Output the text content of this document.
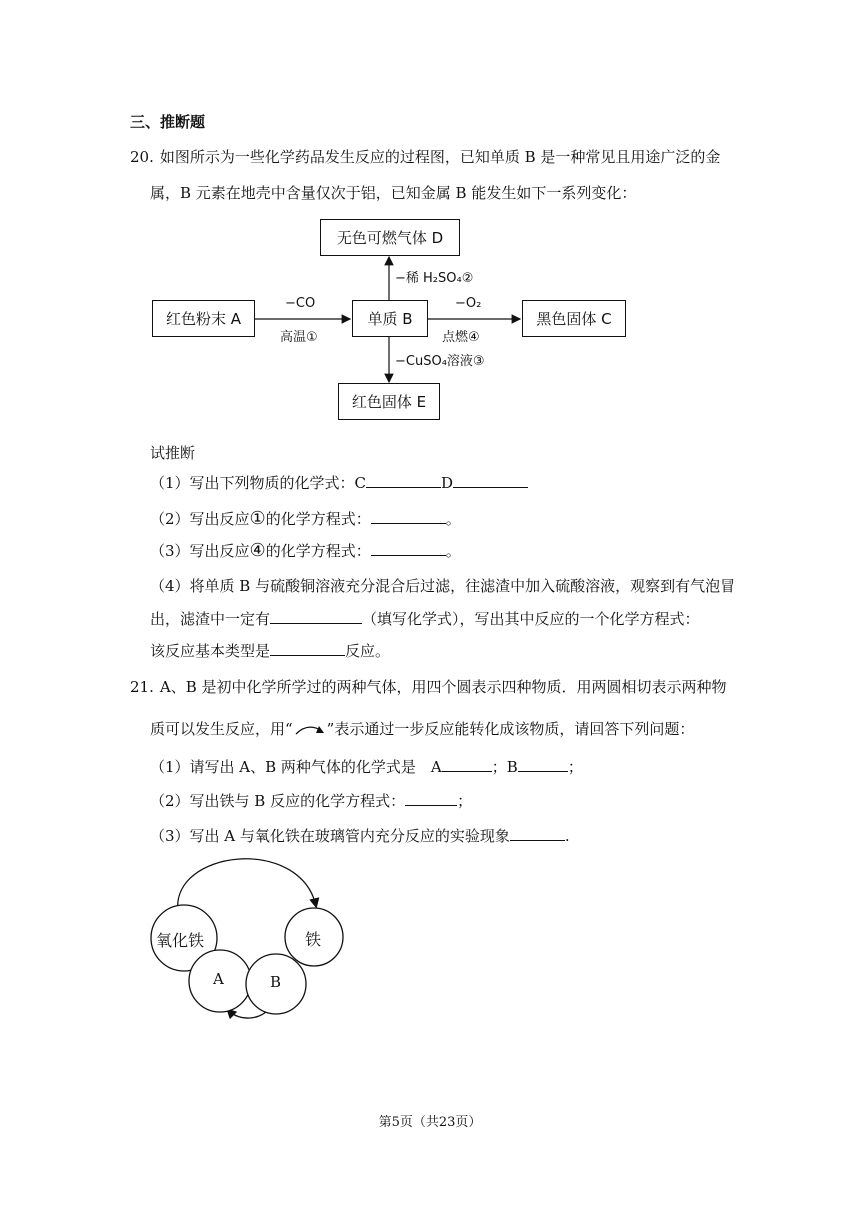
三、推断题
20. 如图所示为一些化学药品发生反应的过程图，已知单质 B 是一种常见且用途广泛的金
属，B 元素在地壳中含量仅次于铝，已知金属 B 能发生如下一系列变化：
红色粉末 A	单质 B	黑色固体 C
无色可燃气体 D
红色固体 E
−CO
高温①
−稀 H₂SO₄②
−CuSO₄溶液③
−O₂
点燃④
试推断
（1）写出下列物质的化学式：C	D
（2）写出反应①的化学方程式：	。
（3）写出反应④的化学方程式：	。
（4）将单质 B 与硫酸铜溶液充分混合后过滤，往滤渣中加入硫酸溶液，观察到有气泡冒
出，滤渣中一定有	（填写化学式），写出其中反应的一个化学方程式：
该反应基本类型是	反应。
21. A、B 是初中化学所学过的两种气体，用四个圆表示四种物质．用两圆相切表示两种物
质可以发生反应，用“ ”表示通过一步反应能转化成该物质，请回答下列问题：
（1）请写出 A、B 两种气体的化学式是　A	；B	；
（2）写出铁与 B 反应的化学方程式：	；
（3）写出 A 与氧化铁在玻璃管内充分反应的实验现象	.
氧化铁	铁
A	B
第5页（共23页）
